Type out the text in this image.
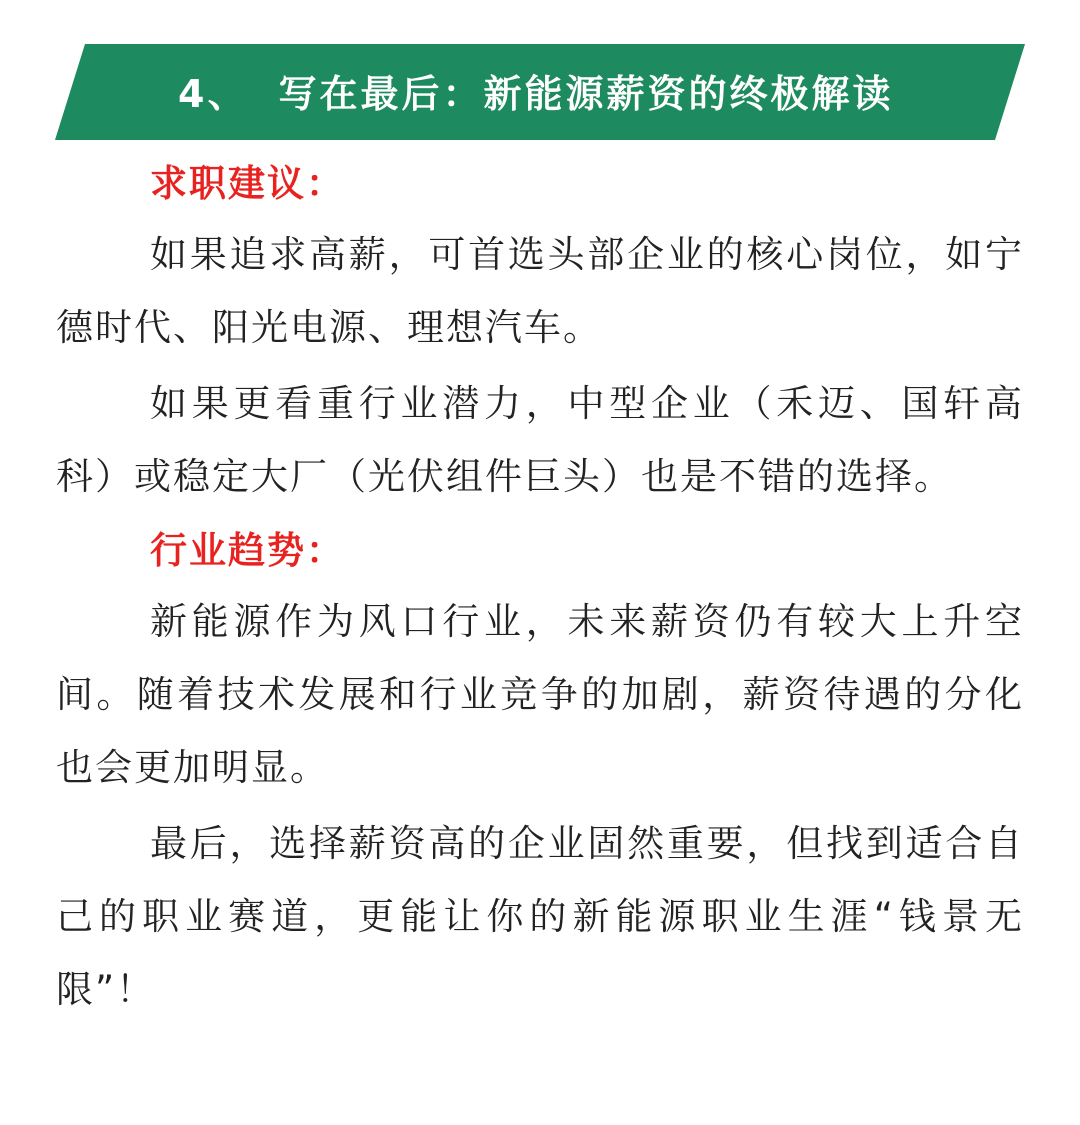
4、 写在最后：新能源薪资的终极解读

求职建议：

如果追求高薪，可首选头部企业的核心岗位，如宁德时代、阳光电源、理想汽车。

如果更看重行业潜力，中型企业（禾迈、国轩高科）或稳定大厂（光伏组件巨头）也是不错的选择。

行业趋势：

新能源作为风口行业，未来薪资仍有较大上升空间。随着技术发展和行业竞争的加剧，薪资待遇的分化也会更加明显。

最后，选择薪资高的企业固然重要，但找到适合自己的职业赛道，更能让你的新能源职业生涯“钱景无限”！
